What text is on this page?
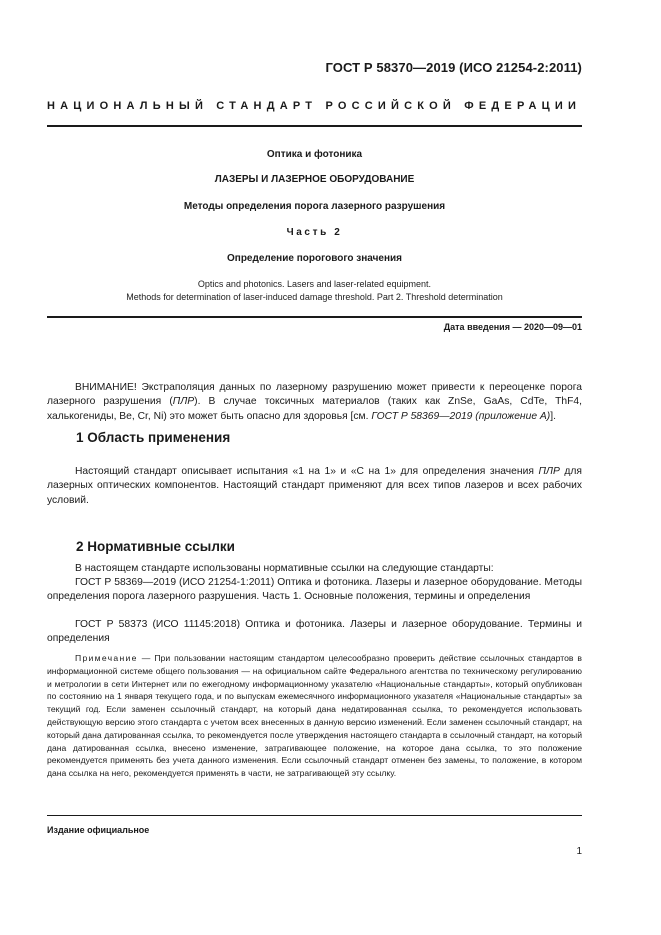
ГОСТ Р 58370—2019 (ИСО 21254-2:2011)
НАЦИОНАЛЬНЫЙ СТАНДАРТ РОССИЙСКОЙ ФЕДЕРАЦИИ
Оптика и фотоника
ЛАЗЕРЫ И ЛАЗЕРНОЕ ОБОРУДОВАНИЕ
Методы определения порога лазерного разрушения
Часть 2
Определение порогового значения
Optics and photonics. Lasers and laser-related equipment.
Methods for determination of laser-induced damage threshold. Part 2. Threshold determination
Дата введения — 2020—09—01

ВНИМАНИЕ! Экстраполяция данных по лазерному разрушению может привести к переоценке порога лазерного разрушения (ПЛР). В случае токсичных материалов (таких как ZnSe, GaAs, CdTe, ThF4, халькогениды, Be, Cr, Ni) это может быть опасно для здоровья [см. ГОСТ Р 58369—2019 (приложение А)].

1 Область применения

Настоящий стандарт описывает испытания «1 на 1» и «С на 1» для определения значения ПЛР для лазерных оптических компонентов. Настоящий стандарт применяют для всех типов лазеров и всех рабочих условий.

2 Нормативные ссылки

В настоящем стандарте использованы нормативные ссылки на следующие стандарты:

ГОСТ Р 58369—2019 (ИСО 21254-1:2011) Оптика и фотоника. Лазеры и лазерное оборудование. Методы определения порога лазерного разрушения. Часть 1. Основные положения, термины и определения

ГОСТ Р 58373 (ИСО 11145:2018) Оптика и фотоника. Лазеры и лазерное оборудование. Термины и определения

Примечание — При пользовании настоящим стандартом целесообразно проверить действие ссылочных стандартов в информационной системе общего пользования — на официальном сайте Федерального агентства по техническому регулированию и метрологии в сети Интернет или по ежегодному информационному указателю «Национальные стандарты», который опубликован по состоянию на 1 января текущего года, и по выпускам ежемесячного информационного указателя «Национальные стандарты» за текущий год. Если заменен ссылочный стандарт, на который дана недатированная ссылка, то рекомендуется использовать действующую версию этого стандарта с учетом всех внесенных в данную версию изменений. Если заменен ссылочный стандарт, на который дана датированная ссылка, то рекомендуется после утверждения настоящего стандарта в ссылочный стандарт, на который дана датированная ссылка, внесено изменение, затрагивающее положение, на которое дана ссылка, то это положение рекомендуется применять без учета данного изменения. Если ссылочный стандарт отменен без замены, то положение, в котором дана ссылка на него, рекомендуется применять в части, не затрагивающей эту ссылку.

Издание официальное
1
